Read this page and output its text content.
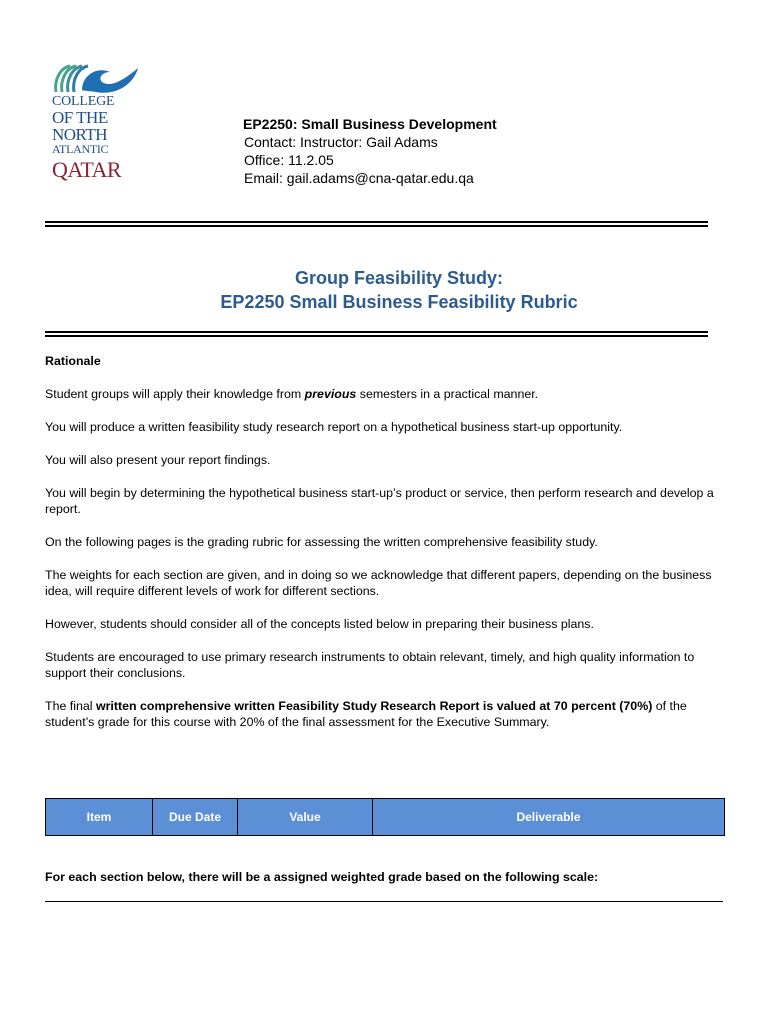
COLLEGE
OF THE
NORTH
ATLANTIC
QATAR
EP2250: Small Business Development
Contact: Instructor: Gail Adams
Office: 11.2.05
Email: gail.adams@cna-qatar.edu.qa
Group Feasibility Study:
EP2250 Small Business Feasibility Rubric

Rationale

Student groups will apply their knowledge from previous semesters in a practical manner.

You will produce a written feasibility study research report on a hypothetical business start-up opportunity.

You will also present your report findings.

You will begin by determining the hypothetical business start-up’s product or service, then perform research and develop a report.

On the following pages is the grading rubric for assessing the written comprehensive feasibility study.

The weights for each section are given, and in doing so we acknowledge that different papers, depending on the business idea, will require different levels of work for different sections.

However, students should consider all of the concepts listed below in preparing their business plans.

Students are encouraged to use primary research instruments to obtain relevant, timely, and high quality information to support their conclusions.

The final written comprehensive written Feasibility Study Research Report is valued at 70 percent (70%) of the student’s grade for this course with 20% of the final assessment for the Executive Summary.

Item	Due Date	Value	Deliverable
For each section below, there will be a assigned weighted grade based on the following scale:
